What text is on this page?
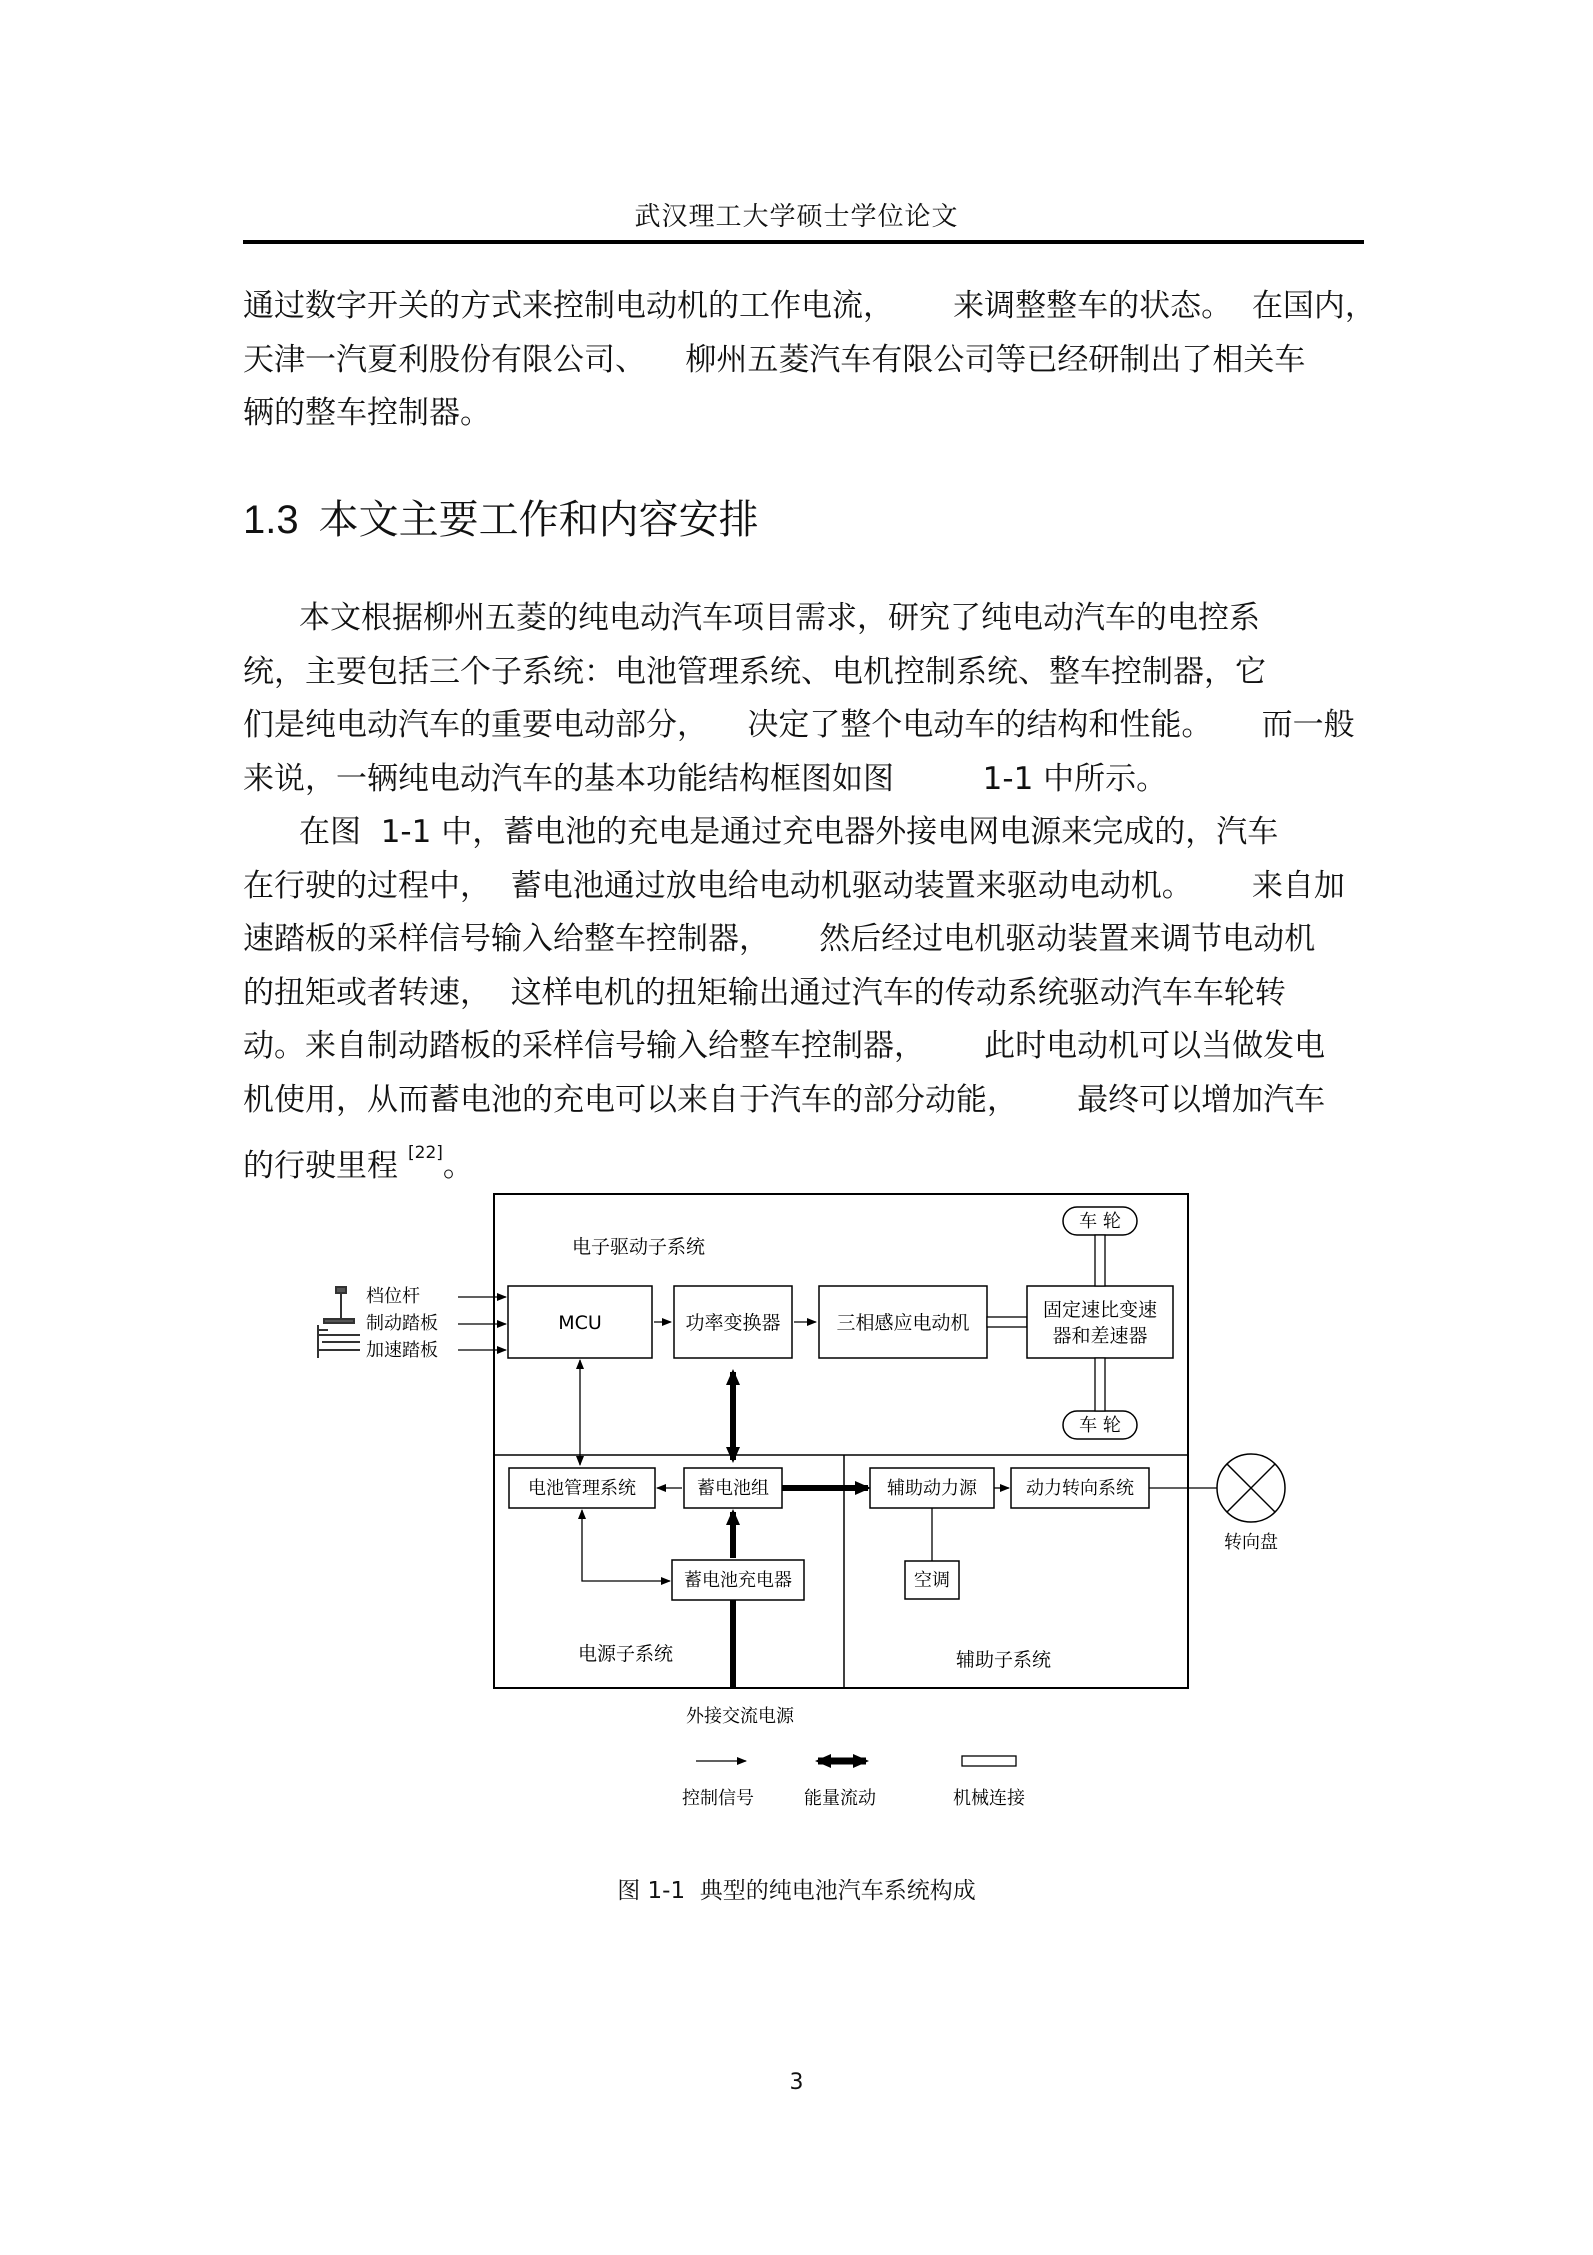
武汉理工大学硕士学位论文
通过数字开关的方式来控制电动机的工作电流，      来调整整车的状态。  在国内，
天津一汽夏利股份有限公司、    柳州五菱汽车有限公司等已经研制出了相关车
辆的整车控制器。
1.3 本文主要工作和内容安排
本文根据柳州五菱的纯电动汽车项目需求，研究了纯电动汽车的电控系
统，主要包括三个子系统：电池管理系统、电机控制系统、整车控制器，它
们是纯电动汽车的重要电动部分，    决定了整个电动车的结构和性能。     而一般
来说，一辆纯电动汽车的基本功能结构框图如图         1-1 中所示。
在图  1-1 中，蓄电池的充电是通过充电器外接电网电源来完成的，汽车
在行驶的过程中，  蓄电池通过放电给电动机驱动装置来驱动电动机。      来自加
速踏板的采样信号输入给整车控制器，     然后经过电机驱动装置来调节电动机
的扭矩或者转速，  这样电机的扭矩输出通过汽车的传动系统驱动汽车车轮转
动。来自制动踏板的采样信号输入给整车控制器，      此时电动机可以当做发电
机使用，从而蓄电池的充电可以来自于汽车的部分动能，      最终可以增加汽车
的行驶里程 [22]。
电子驱动子系统
电源子系统	辅助子系统
档位杆
制动踏板
加速踏板
MCU	功率变换器	三相感应电动机
固定速比变速
器和差速器
车 轮
车 轮
电池管理系统	蓄电池组	辅助动力源	动力转向系统
转向盘
空调
蓄电池充电器
外接交流电源
控制信号	能量流动	机械连接
图 1-1 典型的纯电池汽车系统构成
3
